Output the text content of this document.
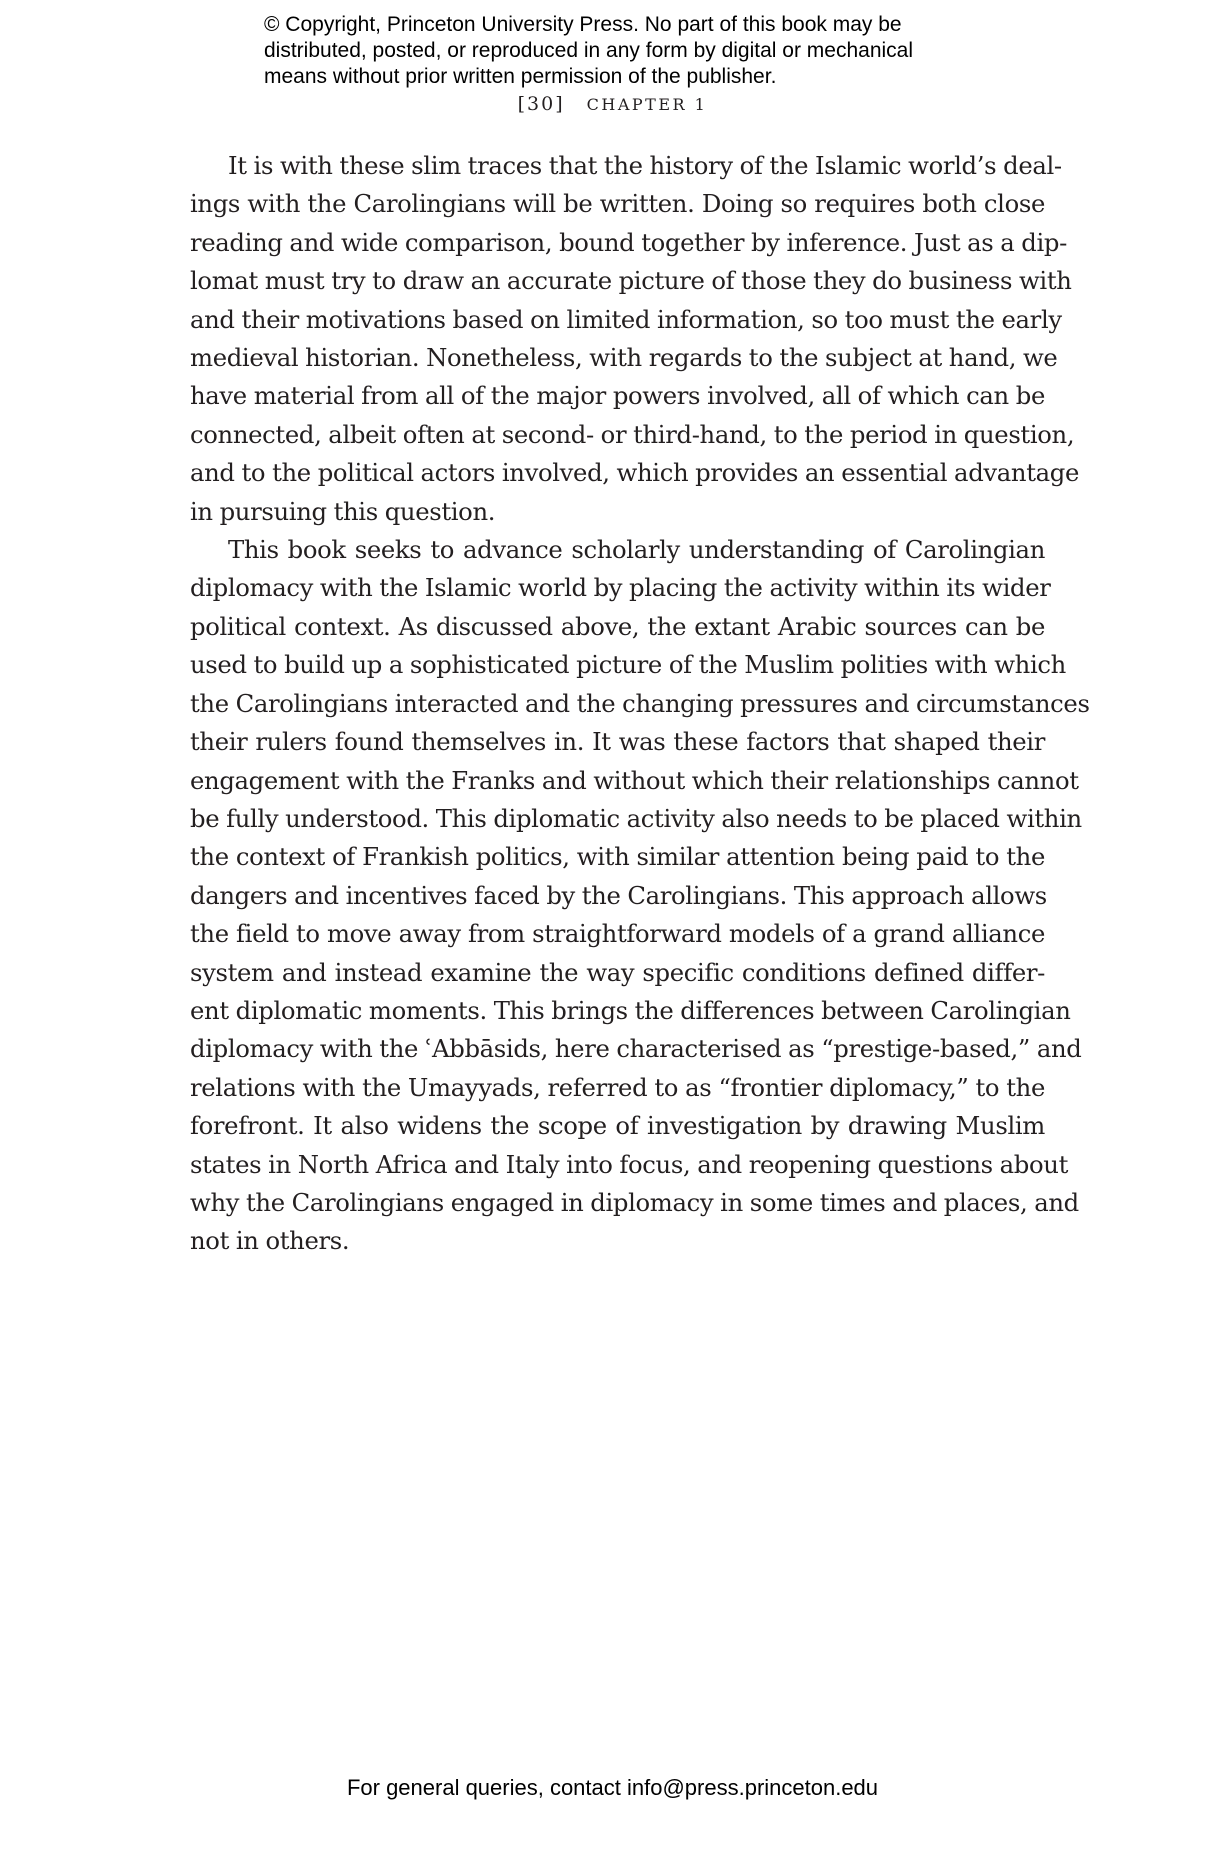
© Copyright, Princeton University Press. No part of this book may be
distributed, posted, or reproduced in any form by digital or mechanical
means without prior written permission of the publisher.
[30] CHAPTER 1

It is with these slim traces that the history of the Islamic world’s deal-
ings with the Carolingians will be written. Doing so requires both close
reading and wide comparison, bound together by inference. Just as a dip-
lomat must try to draw an accurate picture of those they do business with
and their motivations based on limited information, so too must the early
medieval historian. Nonetheless, with regards to the subject at hand, we
have material from all of the major powers involved, all of which can be
connected, albeit often at second- or third-hand, to the period in question,
and to the political actors involved, which provides an essential advantage
in pursuing this question.

This book seeks to advance scholarly understanding of Carolingian
diplomacy with the Islamic world by placing the activity within its wider
political context. As discussed above, the extant Arabic sources can be
used to build up a sophisticated picture of the Muslim polities with which
the Carolingians interacted and the changing pressures and circumstances
their rulers found themselves in. It was these factors that shaped their
engagement with the Franks and without which their relationships cannot
be fully understood. This diplomatic activity also needs to be placed within
the context of Frankish politics, with similar attention being paid to the
dangers and incentives faced by the Carolingians. This approach allows
the field to move away from straightforward models of a grand alliance
system and instead examine the way specific conditions defined differ-
ent diplomatic moments. This brings the differences between Carolingian
diplomacy with the ʿAbbāsids, here characterised as “prestige-based,” and
relations with the Umayyads, referred to as “frontier diplomacy,” to the
forefront. It also widens the scope of investigation by drawing Muslim
states in North Africa and Italy into focus, and reopening questions about
why the Carolingians engaged in diplomacy in some times and places, and
not in others.

For general queries, contact info@press.princeton.edu
